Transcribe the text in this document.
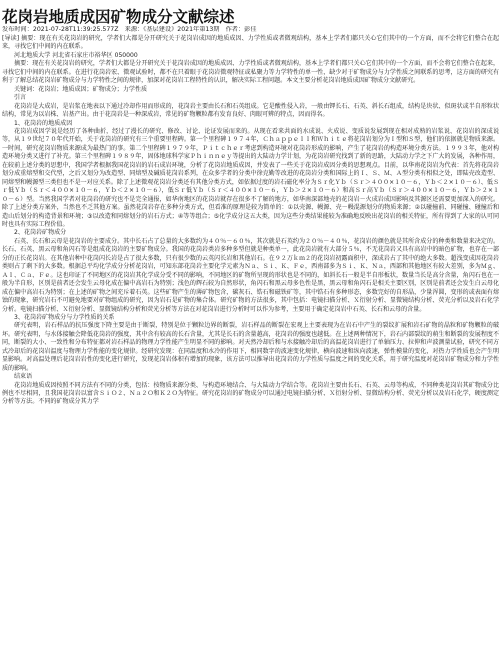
花岗岩地质成因矿物成分文献综述
发布时间：2021-07-28T11:39:25.577Z　来源：《基层建设》2021年第13期　作者：彭佳

[导读] 摘要：现在有关花岗岩的研究，学者们大都是分开研究关于花岗岩成因的地质成因、力学性质或者微观结构，基本上学者们都只关心它们其中的一个方面，而不会将它们整合在起来，寻找它们中间的内在联系。

河北地质大学 河北省石家庄市裕华区 050000

摘要：现在有关花岗岩的研究，学者们大都是分开研究关于花岗岩成因的地质成因、力学性质或者微观结构，基本上学者们都只关心它们其中的一个方面，而不会将它们整合在起来，寻找它们中间的内在联系。在进行花岗岩宏、微观试验时，都不在只着眼于花岗岩微观特征或私聚力等力学特性的单一性，缺少对于矿物成分与力学性质之间联系的思考，这方面的研究有利于了解总结花岗岩矿物成分与力学特性之间的规律，加深对花岗岩工程特性的认识，解决实际工程问题。本文主要分析花岗岩地质成因矿物成分文献研究。

关键词：花岗岩；地质成因；矿物成分；力学性质

引言

花岗岩是大成岩，是岩浆在地表以下通过冷却作用而形成的，花岗岩主要由长石和石英组成。它是酸性侵入岩，一般由钾长石、石英、斜长石组成，结构是块状、似斑状或半自形粒状结构，常见为以岩株、岩基产出。由于花岗岩是一种深成岩，常见的矿物颗粒都有发育良好、肉眼可辨的特点，因而得名。

1、花岗岩的地质成因

花岗岩成因学说是经历了各种曲折，经过了漫长的研究、修改、讨论、论证发展而来的。从现在看来共面的水成说、火成说、变质说发展到现在相对成熟的岩浆说、花岗岩的深成说等，从１９世纪７０年代开始，关于花岗岩的研究有三个重要里程碑。第一个里程碑１９７４年，Ｃｈａｐｐｅｌｌ和Ｗｈｉｔｅ将花岗岩划分为Ｉ型和Ｓ型，他们的依据就是物质来源。一时间，研究花岗岩物质来源成为最热门的事。第二个里程碑１９７９年，Ｐｉｔｃｈｅｒ考虑到构造环境对花岗岩形成的影响，产生了花岗岩的构造环境分类方法。１９９３年，他对构造环境分类又进行了补充。第三个里程碑１９８９年，固体地球科学家Ｐｈｉｎｎｅｙ等提出的大陆动力学计划，为花岗岩研究找到了新的思路，大陆动力学之下广大的发展，各种作用，在较前上述分类的思想中，我国学者根据我国花岗岩的岩石成岩环境，分析了花岗岩地质成因，并发表了一些关于花岗岩成因分类的思想观点。目前，以华南花岗岩为代表：首先将花岗岩划分成重熔型和交代型，之后又划分为改造型、同熔型及碱质花岗岩系列，在众多学者的分类中徐克勤等改进的花岗岩分类和国际上的Ｉ、Ｓ、Ｍ、Ａ型分类有相似之处，即陆壳改造型、同熔型和幔源型三类但也不是一对应关系。除了上述微观花岗岩分类还有其他分类方式，如依据过度的岩石磁化率分为Ｓｒ化Ｙｂ（Ｓｒ＞４００×１０－６，Ｙｂ＜２×１０－６）、低Ｓｒ低Ｙｂ（Ｓｒ＜４００×１０－６，Ｙｂ＜２×１０－６），低Ｓｒ低Ｙｂ（Ｓｒ＜４００×１０－６，Ｙｂ＞２×１０－６）和高Ｓｒ高Ｙｂ（Ｓｒ＞４００×１０－６，Ｙｂ＞２×１０－６）型。当然我国学者对花岗岩的研究也不是完全通报，如华南地区的花岗岩就存在很多不了解的地方，如华南深部地壳的花岗岩－火成岩成因影响及其源区还需要更加深入的研究。除了上述分类方案外，当然也不乏其他方案。虽然花岗岩存在多种分类方式，但看准的原理是较为简单的：①以壳源、幔源、壳－幔混源划分的物质来源；②以碰撞前、同碰撞、碰撞后和造山后划分的构造背景和环境；③以改造和同熔划分的岩石方式；④等等组合；⑤化学成分这五大类，因为这些分类结果能较为准确地反映出花岗岩的相关特征，所有得到了大家的认可同时也具有实际工程价值。

2、花岗岩矿物成分

石英、长石和云母是花岗岩的主要成分。其中长石占了总量的大多数约为４０％－６０％，其次就是石英约为２０％－４０％，花岗岩的颜色就是其所含成分的种类和数量来决定的。长石、石英、黑云母和角闪石等是组成花岗岩的主要矿物成分。我国的花岗岩类岩多种多型但就是种类单一，此花岗岩就有大部分５％，不无花岗岩又具有高岩中的暗色矿物，也存在一部分的正长花岗岩。在其他岩种中花岗闪长岩是占了很大多数，只有很少数的云英闪长岩和其他岩石。在９２万ｋｍ２的花岗岩初露面积中，深成岩占了其中的绝大多数。超浅变成因花岗岩类则占了剩下的大多数。根据总平均化学成分分析花岗岩，可知东部花岗岩主要化学元素为Ｎａ、Ｓｉ、Ｋ、Ｆｅ，西南部多为Ｓｉ、Ｋ、Ｎａ，西部和其他地区有较大差别，多为Ｍｇ、Ａｌ、Ｃａ、Ｆｅ。这也印证了不同地区的花岗岩其化学成分受不同的影响，不同地区的矿物所呈现的形状也是不同的，如斜长石一般是半自形板状，数量当长是高分含量，角闪石也在一般为半自形，区别是前者还会发生云母化成在偏中高岩石为特别；浅色的辉石较为自然形状，角闪石和黑云母多色性是黑，黑云母和角闪石是相关主要区别，区别是前者还会发生白云母化成在偏中高岩石为特别；在上述的矿物之间充斥着石英。这些矿物产生的薄矿物包含，碳灰石、锆石和磁铁矿等，其中锆石有多种形态，多数完好的自形晶，少量浑圆，变形的或表面有熔蚀的现象，研究岩石不可避免地要对矿物组成的研究，因为岩石是矿物的集合体。研究矿物的方法很多，其中包括：电镜扫描分析、Ｘ衍射分析、显微镜结构分析、荧光分析以及岩石化学分析。电镜扫描分析、Ｘ衍射分析、显微镜结构分析和荧光分析等方法在对花岗岩进行分析时可以作为参考，主要用于确定花岗岩中石英、长石和云母的含量。

3、花岗岩矿物成分与力学性质的关系

研究表明，岩石样品的抗压强度下降主要是由于断裂，特别是位于颗粒边界的断裂，岩石样品的断裂在宏观上主要表现为在岩石中产生的裂纹扩展和岩石矿物的晶粒和矿物颗粒的破坏。研究表明，与水体接触会降低花岗岩的强度，其中含有较高的长石含量，尤其是长石的含量越高，花岗岩的强度也越低。在上述两种情况下，岩石内部裂纹的萌生和断裂的发展程度不同，断裂的大小、一致性和分布特征都对岩石样品的物理力学性能产生明显不同的影响。对天然冷却后和与水接触冷却后的高温花岗岩进行了单轴压力、拉伸和声波测量试验，研究不同方式冷却后的花岗岩温度与物理力学性能的变化规律。经研究发现：在同温度和水冷的作用下，相同数字的波速变化规律，横向波速和纵向波速，弹性模量的变化，对热力学性质也会产生明显影响。对高温处理后花岗岩岩性的变化进行研究，发现花岗岩体积有增加的现象，该方法可以推导出花岗岩的力学性质与温度之间的变化关系，用于研究温度对花岗岩矿物成分和力学性质的影响。

结束语

花岗岩地质成因按照不同方法有不同的分类，包括：按物质来源分类、与构造环境结合、与大陆动力学结合等。花岗岩主要由长石、石英、云母等构成，不同种类花岗岩其矿物成分比例也不尽相同，且我国花岗岩以富含ＳｉＯ２、Ｎａ２Ｏ和Ｋ２Ｏ为特征。研究花岗岩的矿物成分可以通过电镜扫描分析、Ｘ衍射分析、显微结构分析、荧光分析以及岩石化学，硬度测定分析等方法。不同的矿物成分其力学
